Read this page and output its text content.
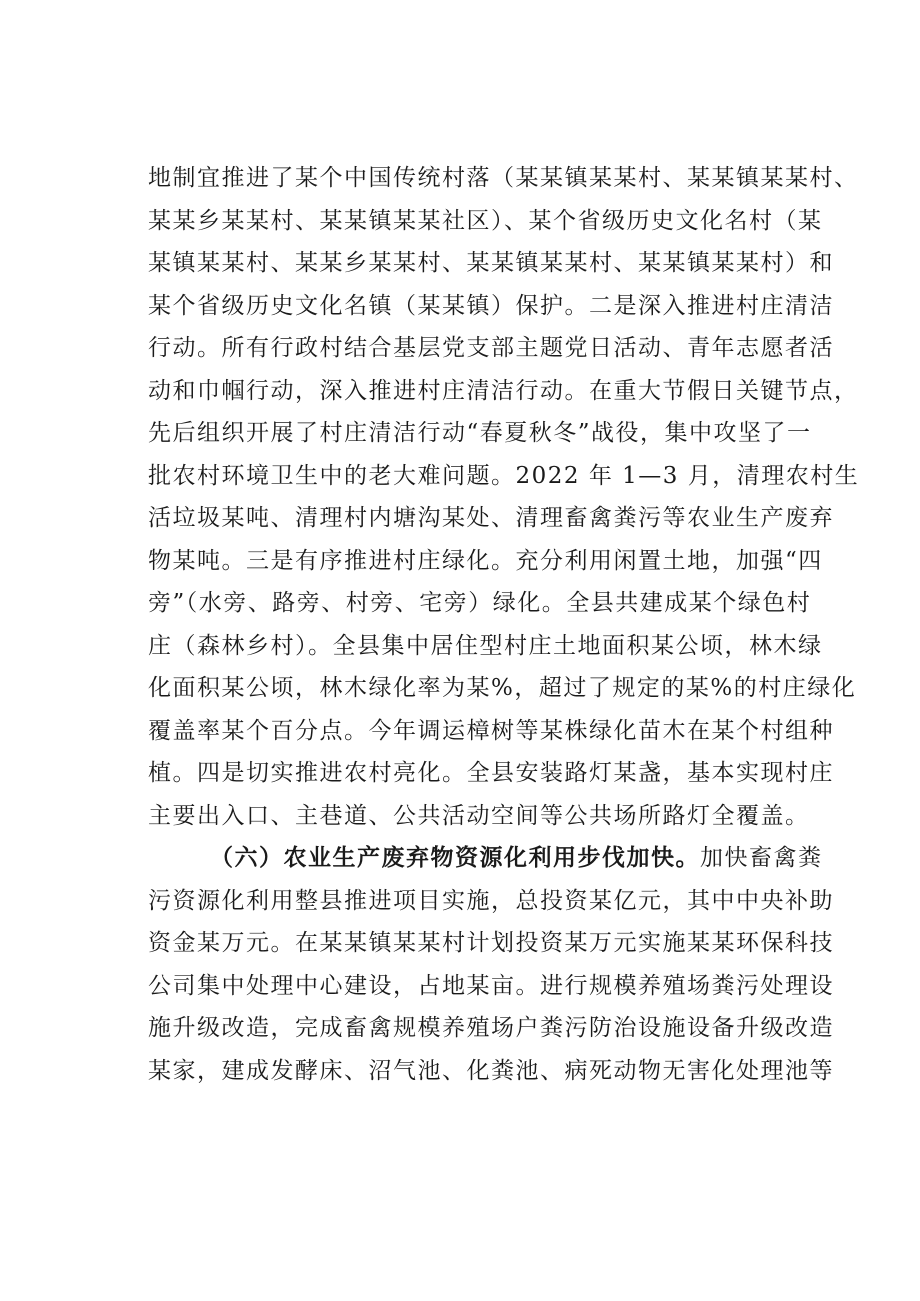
地制宜推进了某个中国传统村落（某某镇某某村、某某镇某某村、
某某乡某某村、某某镇某某社区）、某个省级历史文化名村（某
某镇某某村、某某乡某某村、某某镇某某村、某某镇某某村）和
某个省级历史文化名镇（某某镇）保护。二是深入推进村庄清洁
行动。所有行政村结合基层党支部主题党日活动、青年志愿者活
动和巾帼行动，深入推进村庄清洁行动。在重大节假日关键节点，
先后组织开展了村庄清洁行动“春夏秋冬”战役，集中攻坚了一
批农村环境卫生中的老大难问题。2022 年 1—3 月，清理农村生
活垃圾某吨、清理村内塘沟某处、清理畜禽粪污等农业生产废弃
物某吨。三是有序推进村庄绿化。充分利用闲置土地，加强“四
旁”（水旁、路旁、村旁、宅旁）绿化。全县共建成某个绿色村
庄（森林乡村）。全县集中居住型村庄土地面积某公顷，林木绿
化面积某公顷，林木绿化率为某%，超过了规定的某%的村庄绿化
覆盖率某个百分点。今年调运樟树等某株绿化苗木在某个村组种
植。四是切实推进农村亮化。全县安装路灯某盏，基本实现村庄
主要出入口、主巷道、公共活动空间等公共场所路灯全覆盖。
（六）农业生产废弃物资源化利用步伐加快。加快畜禽粪
污资源化利用整县推进项目实施，总投资某亿元，其中中央补助
资金某万元。在某某镇某某村计划投资某万元实施某某环保科技
公司集中处理中心建设，占地某亩。进行规模养殖场粪污处理设
施升级改造，完成畜禽规模养殖场户粪污防治设施设备升级改造
某家，建成发酵床、沼气池、化粪池、病死动物无害化处理池等
